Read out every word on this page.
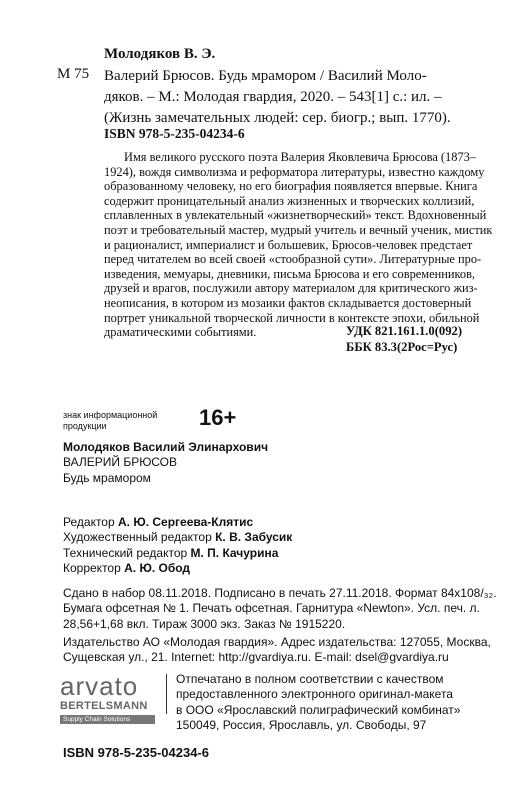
Молодяков В. Э.
М 75 Валерий Брюсов. Будь мрамором / Василий Моло-
дяков. – М.: Молодая гвардия, 2020. – 543[1] с.: ил. –
(Жизнь замечательных людей: сер. биогр.; вып. 1770).
ISBN 978-5-235-04234-6
Имя великого русского поэта Валерия Яковлевича Брюсова (1873–
1924), вождя символизма и реформатора литературы, известно каждому
образованному человеку, но его биография появляется впервые. Книга
содержит проницательный анализ жизненных и творческих коллизий,
сплавленных в увлекательный «жизнетворческий» текст. Вдохновенный
поэт и требовательный мастер, мудрый учитель и вечный ученик, мистик
и рационалист, империалист и большевик, Брюсов-человек предстает
перед читателем во всей своей «стообразной сути». Литературные про-
изведения, мемуары, дневники, письма Брюсова и его современников,
друзей и врагов, послужили автору материалом для критического жиз-
неописания, в котором из мозаики фактов складывается достоверный
портрет уникальной творческой личности в контексте эпохи, обильной
драматическими событиями.	УДК 821.161.1.0(092)
ББК 83.3(2Рос=Рус)
знак информационной
продукции	16+
Молодяков Василий Элинархович
ВАЛЕРИЙ БРЮСОВ
Будь мрамором
Редактор А. Ю. Сергеева-Клятис
Художественный редактор К. В. Забусик
Технический редактор М. П. Качурина
Корректор А. Ю. Обод
Сдано в набор 08.11.2018. Подписано в печать 27.11.2018. Формат 84х108/₃₂.
Бумага офсетная № 1. Печать офсетная. Гарнитура «Newton». Усл. печ. л.
28,56+1,68 вкл. Тираж 3000 экз. Заказ № 1915220.
Издательство АО «Молодая гвардия». Адрес издательства: 127055, Москва,
Сущевская ул., 21. Internet: http://gvardiya.ru. E-mail: dsel@gvardiya.ru
arvato
BERTELSMANN
Supply Chain Solutions
Отпечатано в полном соответствии с качеством
предоставленного электронного оригинал-макета
в ООО «Ярославский полиграфический комбинат»
150049, Россия, Ярославль, ул. Свободы, 97
ISBN 978-5-235-04234-6
